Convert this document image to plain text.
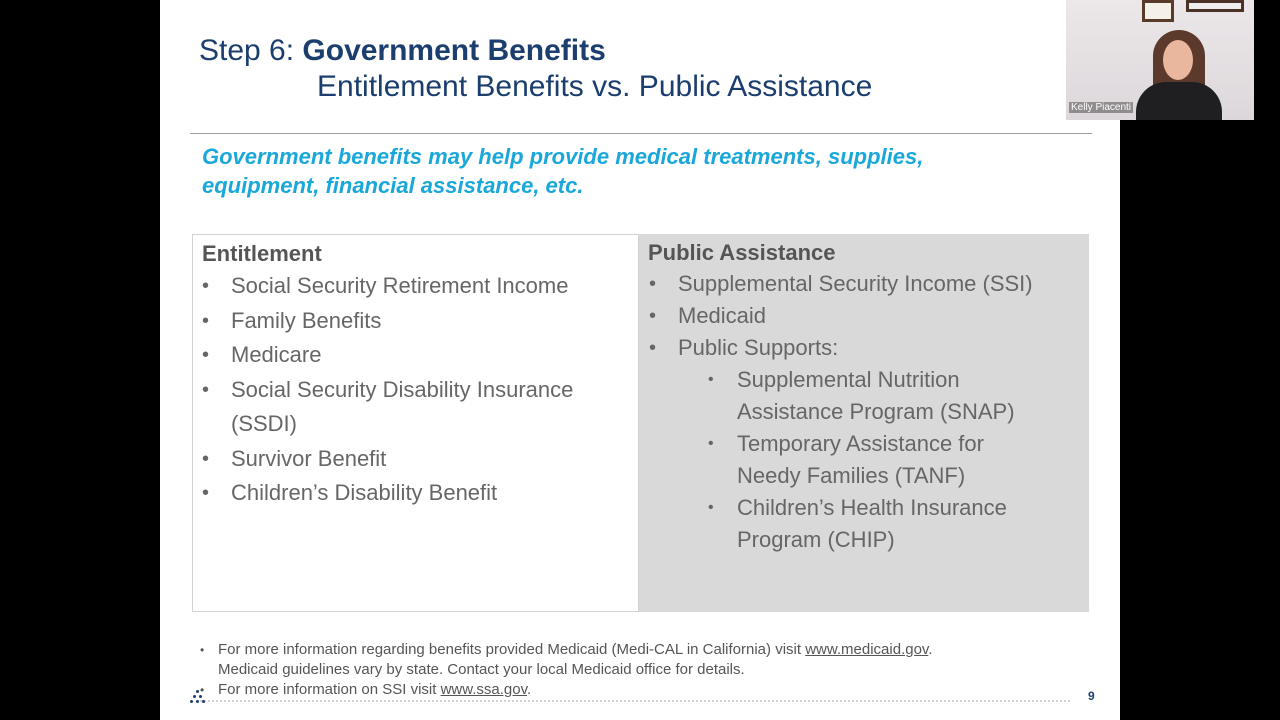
Step 6: Government Benefits
Entitlement Benefits vs. Public Assistance
Government benefits may help provide medical treatments, supplies,
equipment, financial assistance, etc.
Entitlement
• Social Security Retirement Income
• Family Benefits
• Medicare
• Social Security Disability Insurance (SSDI)
• Survivor Benefit
• Children’s Disability Benefit
Public Assistance
• Supplemental Security Income (SSI)
• Medicaid
• Public Supports:
• Supplemental Nutrition Assistance Program (SNAP)
• Temporary Assistance for Needy Families (TANF)
• Children’s Health Insurance Program (CHIP)
• For more information regarding benefits provided Medicaid (Medi-CAL in California) visit www.medicaid.gov.
Medicaid guidelines vary by state. Contact your local Medicaid office for details.
• For more information on SSI visit www.ssa.gov.	9
Kelly Piacenti
